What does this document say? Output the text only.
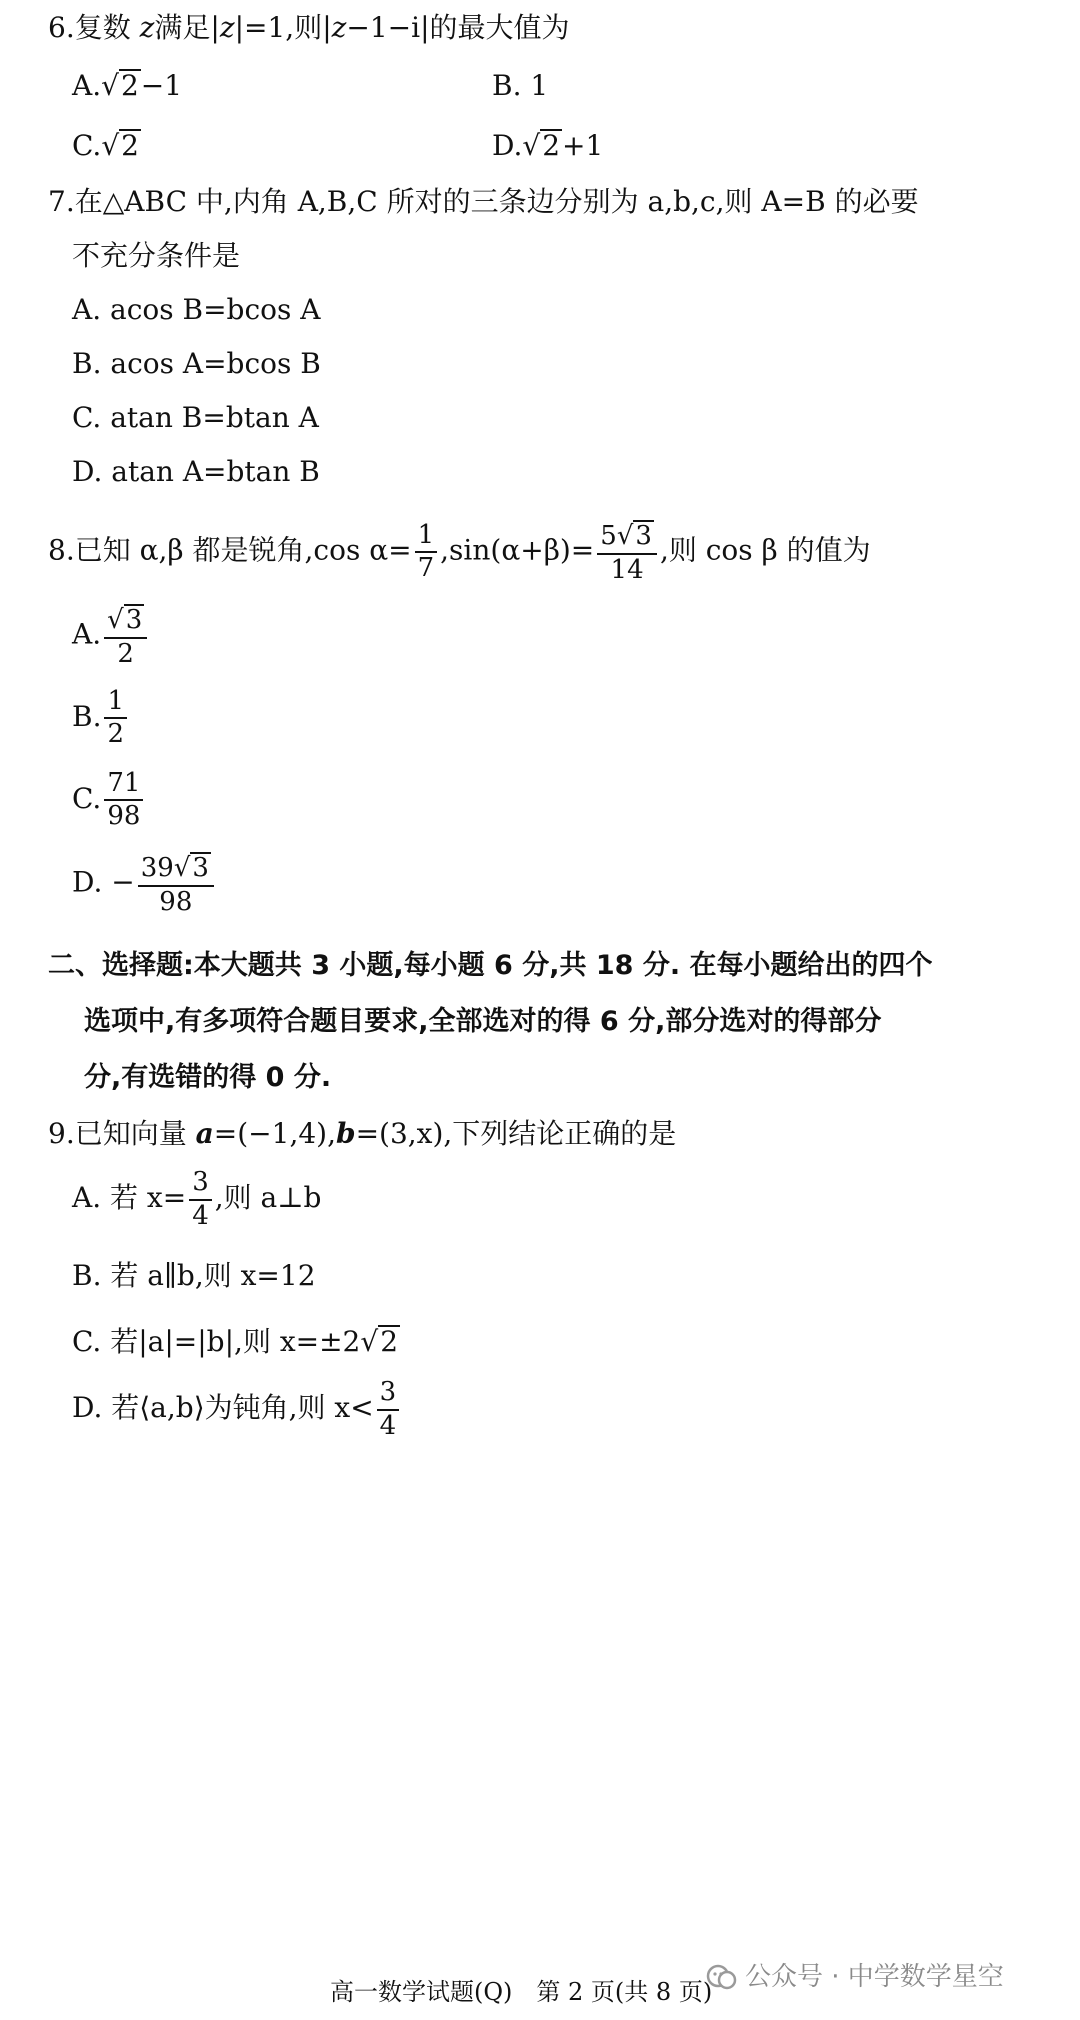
6.复数 z满足|z|=1,则|z−1−i|的最大值为
A.√2−1	B. 1
C.√2	D.√2+1
7.在△ABC 中,内角 A,B,C 所对的三条边分别为 a,b,c,则 A=B 的必要
不充分条件是
A. acos B=bcos A
B. acos A=bcos B
C. atan B=btan A
D. atan A=btan B
8.已知 α,β 都是锐角,cos $\alpha= \frac{1}{7} ,\sin(\alpha+\beta)= \frac{5√3}{14}$ ,则 cos β 的值为
A. $\frac{√3}{2}$
B. $\frac{1}{2}$
C. $\frac{71}{98}$
D. − $\frac{39√3}{98}$
二、选择题:本大题共 3 小题,每小题 6 分,共 18 分. 在每小题给出的四个
选项中,有多项符合题目要求,全部选对的得 6 分,部分选对的得部分
分,有选错的得 0 分.
9.已知向量 a=(−1,4),b=(3,x),下列结论正确的是
A. 若 $x= \frac{3}{4}$ ,则 a⊥b
B. 若 a∥b,则 x=12
C. 若|a|=|b|,则 x=±2√2
D. 若⟨a,b⟩为钝角,则 $x< \frac{3}{4}$
高一数学试题(Q)　第 2 页(共 8 页)	公众号 · 中学数学星空
